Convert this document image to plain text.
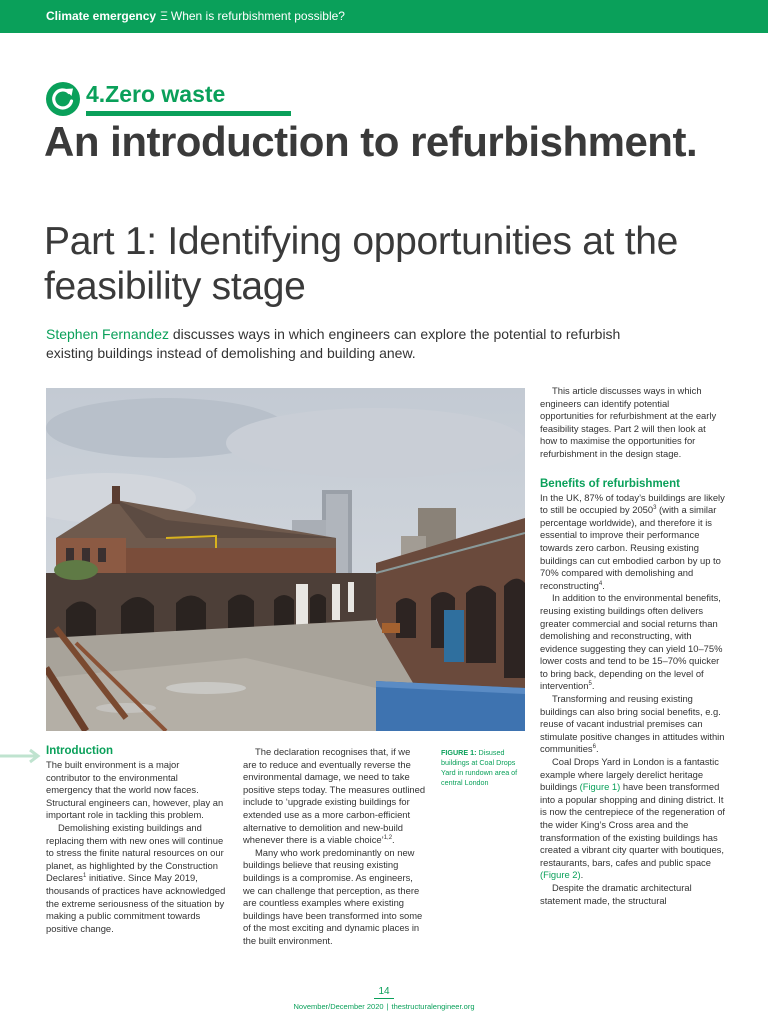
Climate emergency Ξ When is refurbishment possible?
4.Zero waste
An introduction to refurbishment.
Part 1: Identifying opportunities at the feasibility stage

Stephen Fernandez discusses ways in which engineers can explore the potential to refurbish existing buildings instead of demolishing and building anew.

Introduction

The built environment is a major contributor to the environmental emergency that the world now faces. Structural engineers can, however, play an important role in tackling this problem.

Demolishing existing buildings and replacing them with new ones will continue to stress the finite natural resources on our planet, as highlighted by the Construction Declares$^1$ initiative. Since May 2019, thousands of practices have acknowledged the extreme seriousness of the situation by making a public commitment towards positive change.

The declaration recognises that, if we are to reduce and eventually reverse the environmental damage, we need to take positive steps today. The measures outlined include to ‘upgrade existing buildings for extended use as a more carbon-efficient alternative to demolition and new-build whenever there is a viable choice’$^{1,2}$.

Many who work predominantly on new buildings believe that reusing existing buildings is a compromise. As engineers, we can challenge that perception, as there are countless examples where existing buildings have been transformed into some of the most exciting and dynamic places in the built environment.

FIGURE 1: Disused buildings at Coal Drops Yard in rundown area of central London

This article discusses ways in which engineers can identify potential opportunities for refurbishment at the early feasibility stages. Part 2 will then look at how to maximise the opportunities for refurbishment in the design stage.

Benefits of refurbishment

In the UK, 87% of today’s buildings are likely to still be occupied by 2050$^3$ (with a similar percentage worldwide), and therefore it is essential to improve their performance towards zero carbon. Reusing existing buildings can cut embodied carbon by up to 70% compared with demolishing and reconstructing$^4$.

In addition to the environmental benefits, reusing existing buildings often delivers greater commercial and social returns than demolishing and reconstructing, with evidence suggesting they can yield 10–75% lower costs and tend to be 15–70% quicker to bring back, depending on the level of intervention$^5$.

Transforming and reusing existing buildings can also bring social benefits, e.g. reuse of vacant industrial premises can stimulate positive changes in attitudes within communities$^6$.

Coal Drops Yard in London is a fantastic example where largely derelict heritage buildings (Figure 1) have been transformed into a popular shopping and dining district. It is now the centrepiece of the regeneration of the wider King’s Cross area and the transformation of the existing buildings has created a vibrant city quarter with boutiques, restaurants, bars, cafes and public space (Figure 2).

Despite the dramatic architectural statement made, the structural

14
November/December 2020 | thestructuralengineer.org
